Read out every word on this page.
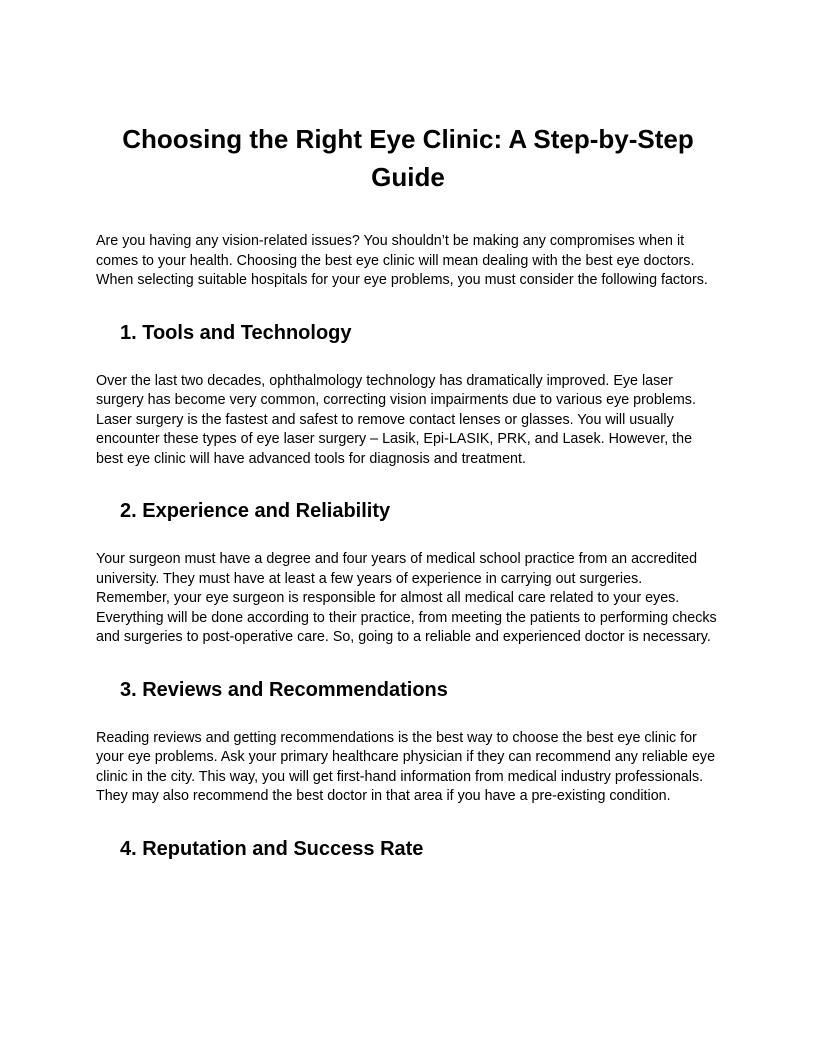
Choosing the Right Eye Clinic: A Step-by-Step Guide

Are you having any vision-related issues? You shouldn’t be making any compromises when it comes to your health. Choosing the best eye clinic will mean dealing with the best eye doctors. When selecting suitable hospitals for your eye problems, you must consider the following factors.

1. Tools and Technology

Over the last two decades, ophthalmology technology has dramatically improved. Eye laser surgery has become very common, correcting vision impairments due to various eye problems. Laser surgery is the fastest and safest to remove contact lenses or glasses. You will usually encounter these types of eye laser surgery – Lasik, Epi-LASIK, PRK, and Lasek. However, the best eye clinic will have advanced tools for diagnosis and treatment.

2. Experience and Reliability

Your surgeon must have a degree and four years of medical school practice from an accredited university. They must have at least a few years of experience in carrying out surgeries. Remember, your eye surgeon is responsible for almost all medical care related to your eyes. Everything will be done according to their practice, from meeting the patients to performing checks and surgeries to post-operative care. So, going to a reliable and experienced doctor is necessary.

3. Reviews and Recommendations

Reading reviews and getting recommendations is the best way to choose the best eye clinic for your eye problems. Ask your primary healthcare physician if they can recommend any reliable eye clinic in the city. This way, you will get first-hand information from medical industry professionals. They may also recommend the best doctor in that area if you have a pre-existing condition.

4. Reputation and Success Rate
